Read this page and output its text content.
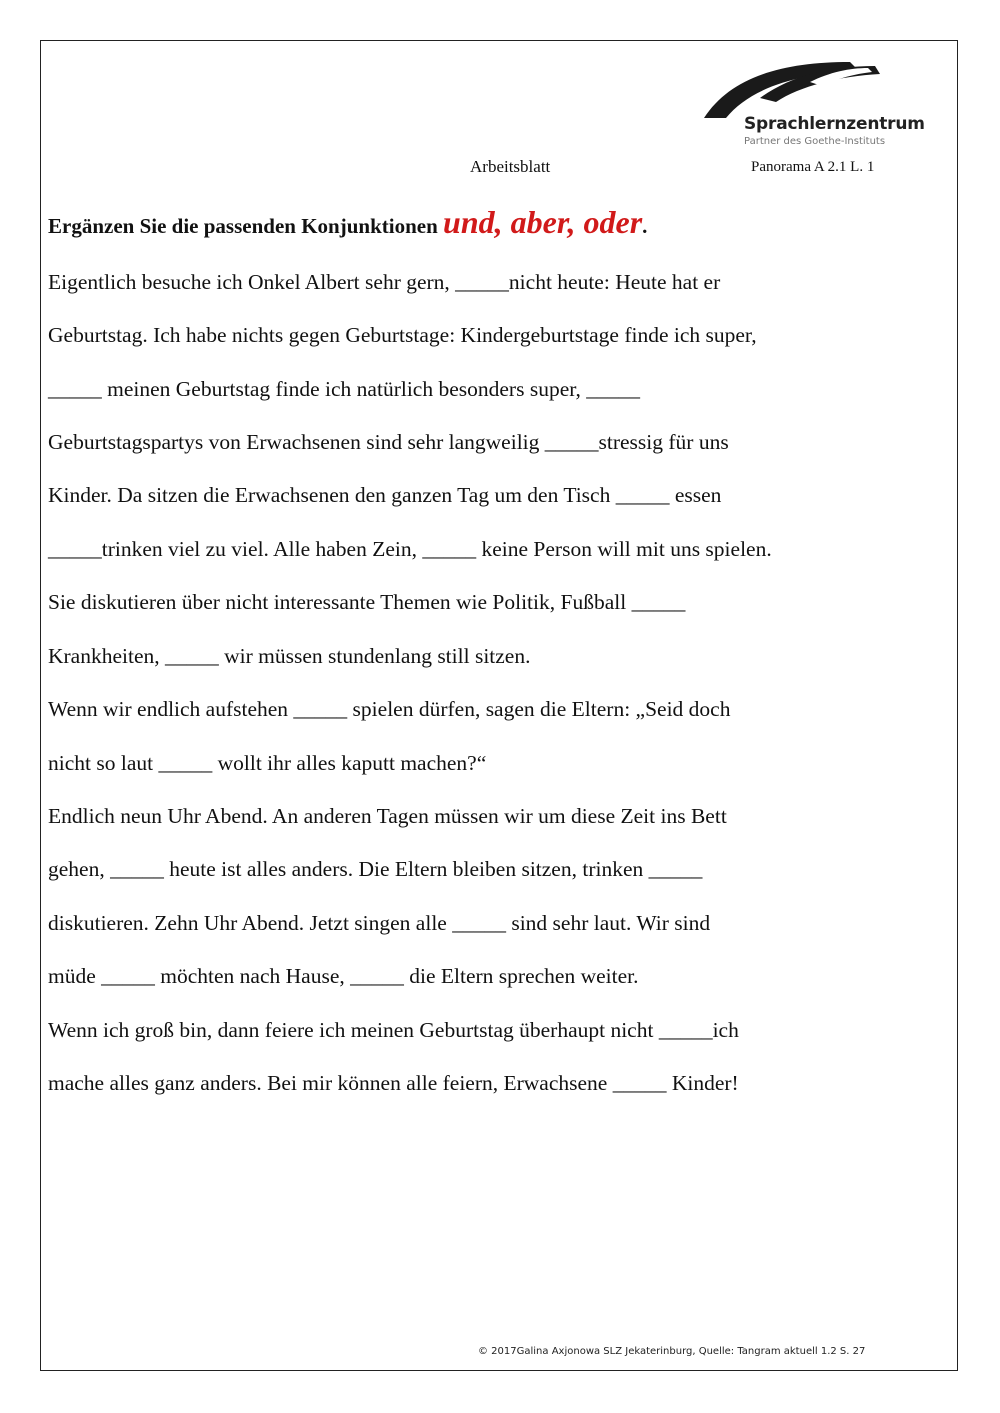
Sprachlernzentrum
Partner des Goethe-Instituts
Arbeitsblatt	Panorama A 2.1 L. 1
Ergänzen Sie die passenden Konjunktionen und, aber, oder.
Eigentlich besuche ich Onkel Albert sehr gern, _____nicht heute: Heute hat er
Geburtstag. Ich habe nichts gegen Geburtstage: Kindergeburtstage finde ich super,
_____ meinen Geburtstag finde ich natürlich besonders super, _____
Geburtstagspartys von Erwachsenen sind sehr langweilig _____stressig für uns
Kinder. Da sitzen die Erwachsenen den ganzen Tag um den Tisch _____ essen
_____trinken viel zu viel. Alle haben Zein, _____ keine Person will mit uns spielen.
Sie diskutieren über nicht interessante Themen wie Politik, Fußball _____
Krankheiten, _____ wir müssen stundenlang still sitzen.
Wenn wir endlich aufstehen _____ spielen dürfen, sagen die Eltern: „Seid doch
nicht so laut _____ wollt ihr alles kaputt machen?“
Endlich neun Uhr Abend. An anderen Tagen müssen wir um diese Zeit ins Bett
gehen, _____ heute ist alles anders. Die Eltern bleiben sitzen, trinken _____
diskutieren. Zehn Uhr Abend. Jetzt singen alle _____ sind sehr laut. Wir sind
müde _____ möchten nach Hause, _____ die Eltern sprechen weiter.
Wenn ich groß bin, dann feiere ich meinen Geburtstag überhaupt nicht _____ich
mache alles ganz anders. Bei mir können alle feiern, Erwachsene _____ Kinder!
© 2017Galina Axjonowa SLZ Jekaterinburg, Quelle: Tangram aktuell 1.2 S. 27
